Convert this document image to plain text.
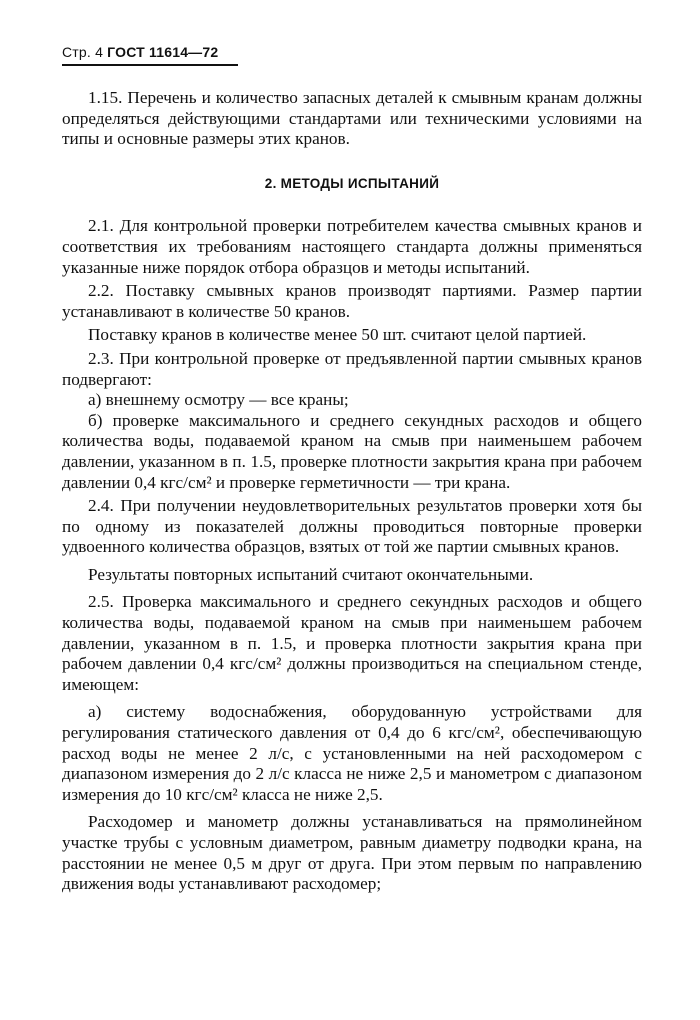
Стр. 4 ГОСТ 11614—72

1.15. Перечень и количество запасных деталей к смывным кранам должны определяться действующими стандартами или техническими условиями на типы и основные размеры этих кранов.

2. МЕТОДЫ ИСПЫТАНИЙ

2.1. Для контрольной проверки потребителем качества смывных кранов и соответствия их требованиям настоящего стандарта должны применяться указанные ниже порядок отбора образцов и методы испытаний.

2.2. Поставку смывных кранов производят партиями. Размер партии устанавливают в количестве 50 кранов.

Поставку кранов в количестве менее 50 шт. считают целой партией.

2.3. При контрольной проверке от предъявленной партии смывных кранов подвергают:

а) внешнему осмотру — все краны;

б) проверке максимального и среднего секундных расходов и общего количества воды, подаваемой краном на смыв при наименьшем рабочем давлении, указанном в п. 1.5, проверке плотности закрытия крана при рабочем давлении 0,4 кгс/см² и проверке герметичности — три крана.

2.4. При получении неудовлетворительных результатов проверки хотя бы по одному из показателей должны проводиться повторные проверки удвоенного количества образцов, взятых от той же партии смывных кранов.

Результаты повторных испытаний считают окончательными.

2.5. Проверка максимального и среднего секундных расходов и общего количества воды, подаваемой краном на смыв при наименьшем рабочем давлении, указанном в п. 1.5, и проверка плотности закрытия крана при рабочем давлении 0,4 кгс/см² должны производиться на специальном стенде, имеющем:

а) систему водоснабжения, оборудованную устройствами для регулирования статического давления от 0,4 до 6 кгс/см², обеспечивающую расход воды не менее 2 л/с, с установленными на ней расходомером с диапазоном измерения до 2 л/с класса не ниже 2,5 и манометром с диапазоном измерения до 10 кгс/см² класса не ниже 2,5.

Расходомер и манометр должны устанавливаться на прямолинейном участке трубы с условным диаметром, равным диаметру подводки крана, на расстоянии не менее 0,5 м друг от друга. При этом первым по направлению движения воды устанавливают расходомер;
